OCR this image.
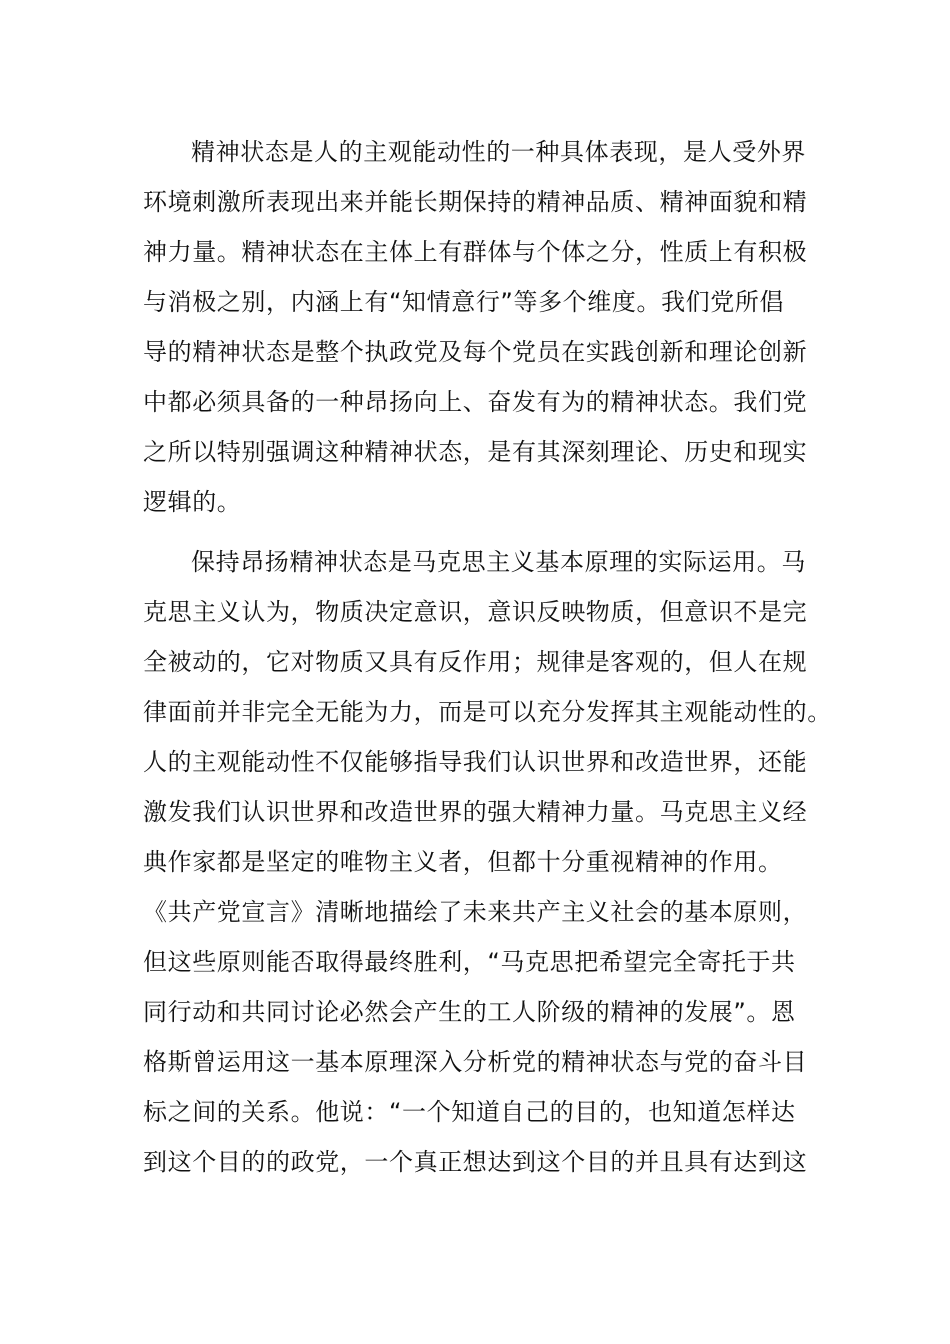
精神状态是人的主观能动性的一种具体表现，是人受外界
环境刺激所表现出来并能长期保持的精神品质、精神面貌和精
神力量。精神状态在主体上有群体与个体之分，性质上有积极
与消极之别，内涵上有“知情意行”等多个维度。我们党所倡
导的精神状态是整个执政党及每个党员在实践创新和理论创新
中都必须具备的一种昂扬向上、奋发有为的精神状态。我们党
之所以特别强调这种精神状态，是有其深刻理论、历史和现实
逻辑的。
保持昂扬精神状态是马克思主义基本原理的实际运用。马
克思主义认为，物质决定意识，意识反映物质，但意识不是完
全被动的，它对物质又具有反作用；规律是客观的，但人在规
律面前并非完全无能为力，而是可以充分发挥其主观能动性的。
人的主观能动性不仅能够指导我们认识世界和改造世界，还能
激发我们认识世界和改造世界的强大精神力量。马克思主义经
典作家都是坚定的唯物主义者，但都十分重视精神的作用。
《共产党宣言》清晰地描绘了未来共产主义社会的基本原则，
但这些原则能否取得最终胜利，“马克思把希望完全寄托于共
同行动和共同讨论必然会产生的工人阶级的精神的发展”。恩
格斯曾运用这一基本原理深入分析党的精神状态与党的奋斗目
标之间的关系。他说：“一个知道自己的目的，也知道怎样达
到这个目的的政党，一个真正想达到这个目的并且具有达到这
